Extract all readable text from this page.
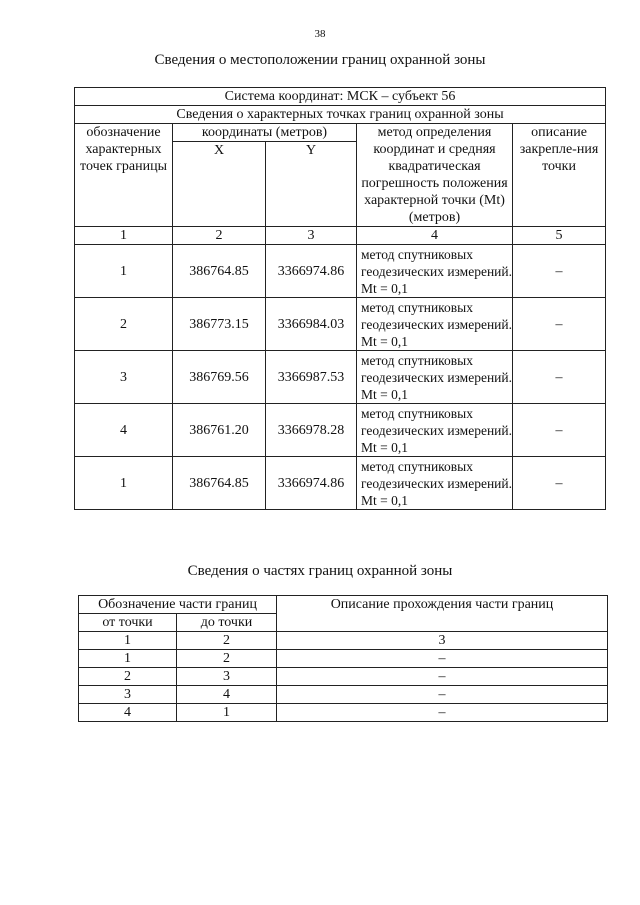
38
Сведения о местоположении границ охранной зоны
Система координат: МСК – субъект 56				
Сведения о характерных точках границ охранной зоны				
обозначение характерных точек границы	координаты (метров)		метод определения координат и средняя квадратическая погрешность положения характерной точки (Mt) (метров)	описание закрепле-ния точки
	X	Y		
1	2	3	4	5
1	386764.85	3366974.86	метод спутниковых геодезических измерений. Mt = 0,1	–
2	386773.15	3366984.03	метод спутниковых геодезических измерений. Mt = 0,1	–
3	386769.56	3366987.53	метод спутниковых геодезических измерений. Mt = 0,1	–
4	386761.20	3366978.28	метод спутниковых геодезических измерений. Mt = 0,1	–
1	386764.85	3366974.86	метод спутниковых геодезических измерений. Mt = 0,1	–
Сведения о частях границ охранной зоны
Обозначение части границ		Описание прохождения части границ
от точки	до точки	
1	2	3
1	2	–
2	3	–
3	4	–
4	1	–
